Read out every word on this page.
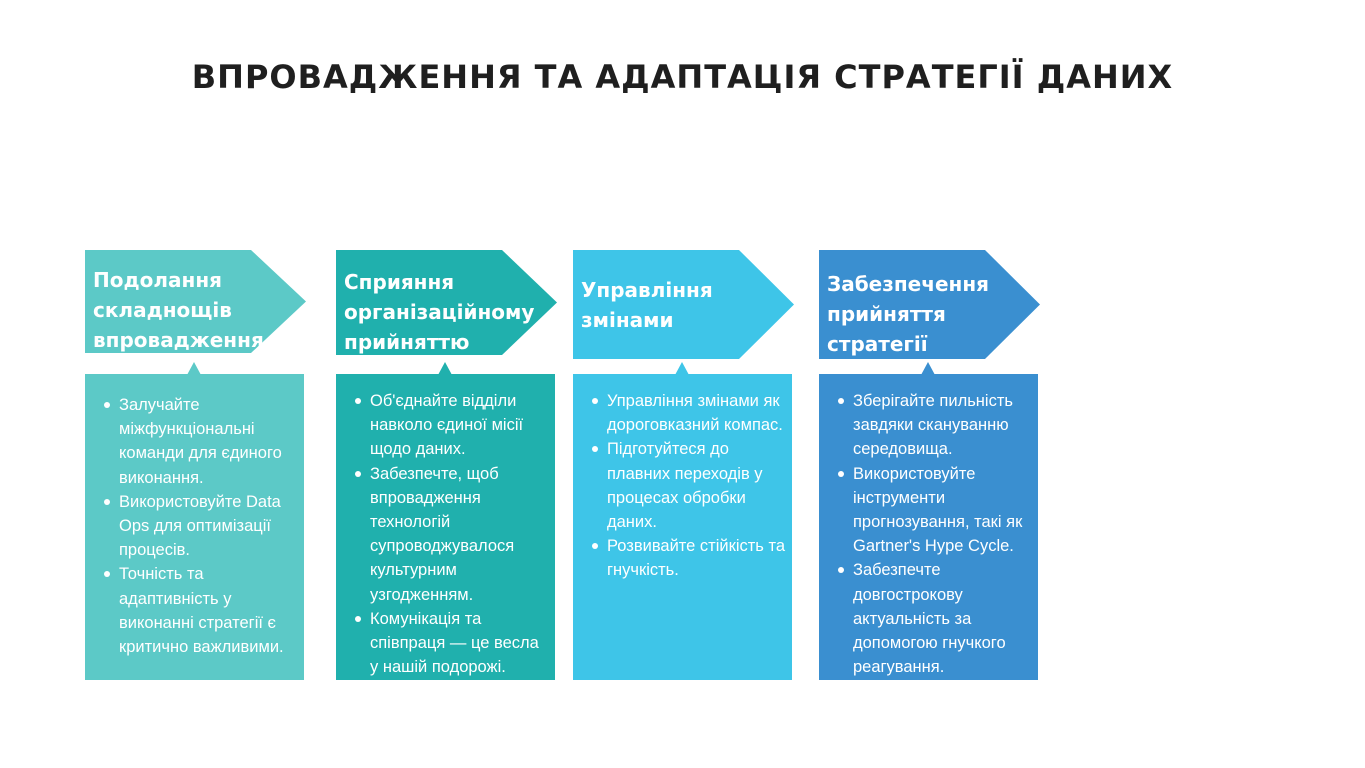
ВПРОВАДЖЕННЯ ТА АДАПТАЦІЯ СТРАТЕГІЇ ДАНИХ
Подолання
складнощів
впровадження
Залучайте міжфункціональні команди для єдиного виконання.
Використовуйте Data Ops для оптимізації процесів.
Точність та адаптивність у виконанні стратегії є критично важливими.
Сприяння
організаційному
прийняттю
Об'єднайте відділи навколо єдиної місії щодо даних.
Забезпечте, щоб впровадження технологій супроводжувалося культурним узгодженням.
Комунікація та співпраця — це весла у нашій подорожі.
Управління
змінами
Управління змінами як дороговказний компас.
Підготуйтеся до плавних переходів у процесах обробки даних.
Розвивайте стійкість та гнучкість.
Забезпечення
прийняття
стратегії
Зберігайте пильність завдяки скануванню середовища.
Використовуйте інструменти прогнозування, такі як Gartner's Hype Cycle.
Забезпечте довгострокову актуальність за допомогою гнучкого реагування.
